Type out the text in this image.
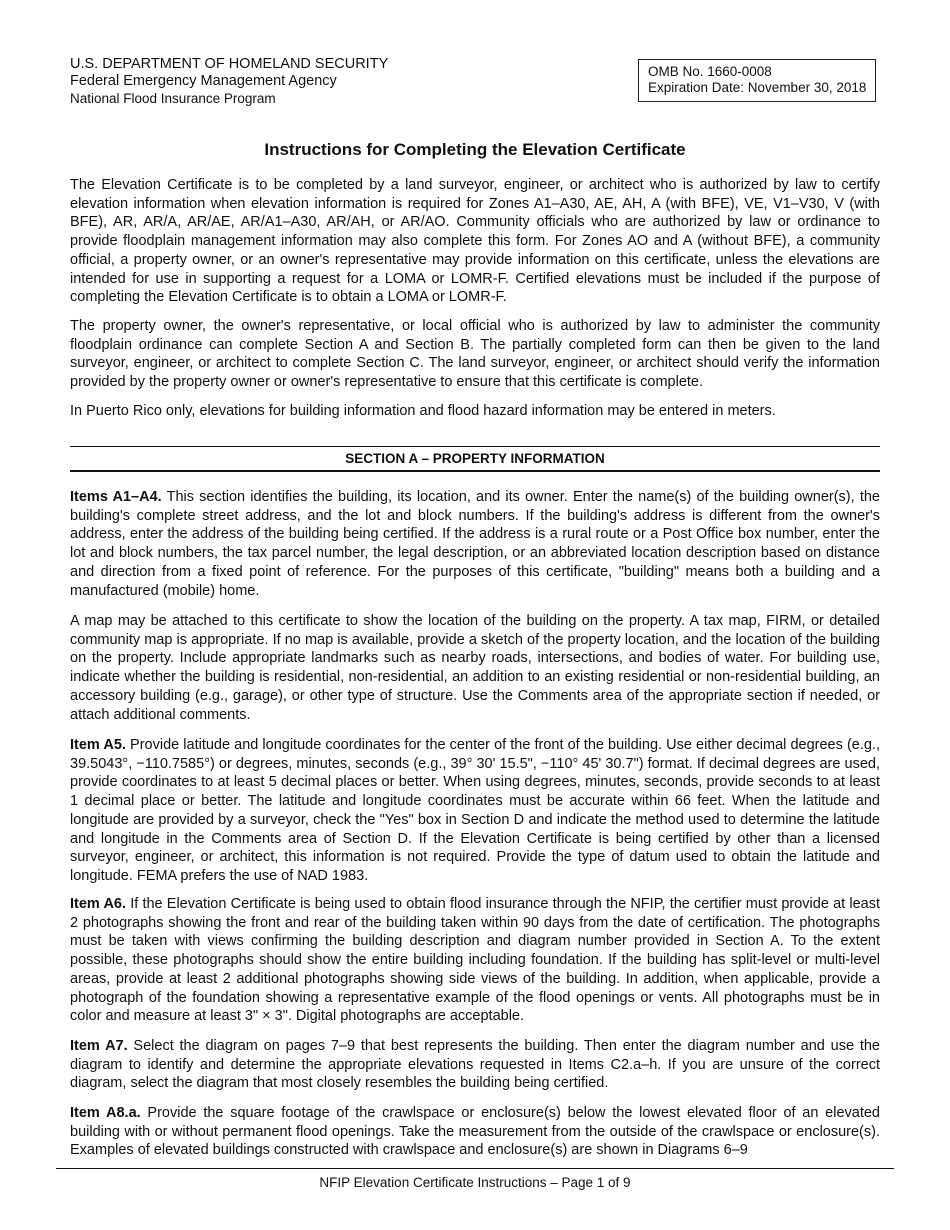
U.S. DEPARTMENT OF HOMELAND SECURITY
Federal Emergency Management Agency
National Flood Insurance Program
OMB No. 1660-0008
Expiration Date: November 30, 2018
Instructions for Completing the Elevation Certificate

The Elevation Certificate is to be completed by a land surveyor, engineer, or architect who is authorized by law to certify elevation information when elevation information is required for Zones A1–A30, AE, AH, A (with BFE), VE, V1–V30, V (with BFE), AR, AR/A, AR/AE, AR/A1–A30, AR/AH, or AR/AO. Community officials who are authorized by law or ordinance to provide floodplain management information may also complete this form. For Zones AO and A (without BFE), a community official, a property owner, or an owner's representative may provide information on this certificate, unless the elevations are intended for use in supporting a request for a LOMA or LOMR-F. Certified elevations must be included if the purpose of completing the Elevation Certificate is to obtain a LOMA or LOMR-F.

The property owner, the owner's representative, or local official who is authorized by law to administer the community floodplain ordinance can complete Section A and Section B. The partially completed form can then be given to the land surveyor, engineer, or architect to complete Section C. The land surveyor, engineer, or architect should verify the information provided by the property owner or owner's representative to ensure that this certificate is complete.

In Puerto Rico only, elevations for building information and flood hazard information may be entered in meters.

SECTION A – PROPERTY INFORMATION

Items A1–A4. This section identifies the building, its location, and its owner. Enter the name(s) of the building owner(s), the building's complete street address, and the lot and block numbers. If the building's address is different from the owner's address, enter the address of the building being certified. If the address is a rural route or a Post Office box number, enter the lot and block numbers, the tax parcel number, the legal description, or an abbreviated location description based on distance and direction from a fixed point of reference. For the purposes of this certificate, "building" means both a building and a manufactured (mobile) home.

A map may be attached to this certificate to show the location of the building on the property. A tax map, FIRM, or detailed community map is appropriate. If no map is available, provide a sketch of the property location, and the location of the building on the property. Include appropriate landmarks such as nearby roads, intersections, and bodies of water. For building use, indicate whether the building is residential, non-residential, an addition to an existing residential or non-residential building, an accessory building (e.g., garage), or other type of structure. Use the Comments area of the appropriate section if needed, or attach additional comments.

Item A5. Provide latitude and longitude coordinates for the center of the front of the building. Use either decimal degrees (e.g., 39.5043°, −110.7585°) or degrees, minutes, seconds (e.g., 39° 30' 15.5", −110° 45' 30.7") format. If decimal degrees are used, provide coordinates to at least 5 decimal places or better. When using degrees, minutes, seconds, provide seconds to at least 1 decimal place or better. The latitude and longitude coordinates must be accurate within 66 feet. When the latitude and longitude are provided by a surveyor, check the "Yes" box in Section D and indicate the method used to determine the latitude and longitude in the Comments area of Section D. If the Elevation Certificate is being certified by other than a licensed surveyor, engineer, or architect, this information is not required. Provide the type of datum used to obtain the latitude and longitude. FEMA prefers the use of NAD 1983.

Item A6. If the Elevation Certificate is being used to obtain flood insurance through the NFIP, the certifier must provide at least 2 photographs showing the front and rear of the building taken within 90 days from the date of certification. The photographs must be taken with views confirming the building description and diagram number provided in Section A. To the extent possible, these photographs should show the entire building including foundation. If the building has split-level or multi-level areas, provide at least 2 additional photographs showing side views of the building. In addition, when applicable, provide a photograph of the foundation showing a representative example of the flood openings or vents. All photographs must be in color and measure at least 3" × 3". Digital photographs are acceptable.

Item A7. Select the diagram on pages 7–9 that best represents the building. Then enter the diagram number and use the diagram to identify and determine the appropriate elevations requested in Items C2.a–h. If you are unsure of the correct diagram, select the diagram that most closely resembles the building being certified.

Item A8.a. Provide the square footage of the crawlspace or enclosure(s) below the lowest elevated floor of an elevated building with or without permanent flood openings. Take the measurement from the outside of the crawlspace or enclosure(s). Examples of elevated buildings constructed with crawlspace and enclosure(s) are shown in Diagrams 6–9

NFIP Elevation Certificate Instructions – Page 1 of 9
